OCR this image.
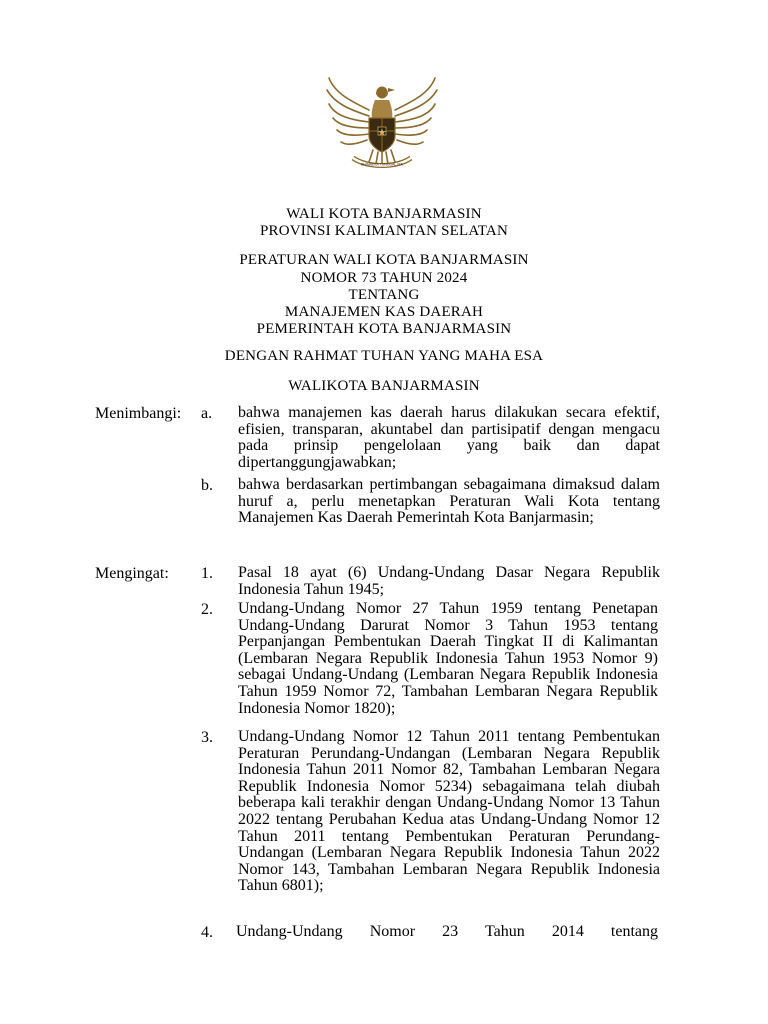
BHINNEKA TUNGGAL IKA
WALI KOTA BANJARMASIN
PROVINSI KALIMANTAN SELATAN
PERATURAN WALI KOTA BANJARMASIN
NOMOR 73 TAHUN 2024
TENTANG
MANAJEMEN KAS DAERAH
PEMERINTAH KOTA BANJARMASIN
DENGAN RAHMAT TUHAN YANG MAHA ESA
WALIKOTA BANJARMASIN
Menimbangi: a. bahwa manajemen kas daerah harus dilakukan secara efektif, efisien, transparan, akuntabel dan partisipatif dengan mengacu pada prinsip pengelolaan yang baik dan dapat dipertanggungjawabkan;
b. bahwa berdasarkan pertimbangan sebagaimana dimaksud dalam huruf a, perlu menetapkan Peraturan Wali Kota tentang Manajemen Kas Daerah Pemerintah Kota Banjarmasin;
Mengingat: 1. Pasal 18 ayat (6) Undang-Undang Dasar Negara Republik Indonesia Tahun 1945;
2. Undang-Undang Nomor 27 Tahun 1959 tentang Penetapan Undang-Undang Darurat Nomor 3 Tahun 1953 tentang Perpanjangan Pembentukan Daerah Tingkat II di Kalimantan (Lembaran Negara Republik Indonesia Tahun 1953 Nomor 9) sebagai Undang-Undang (Lembaran Negara Republik Indonesia Tahun 1959 Nomor 72, Tambahan Lembaran Negara Republik Indonesia Nomor 1820);
3. Undang-Undang Nomor 12 Tahun 2011 tentang Pembentukan Peraturan Perundang-Undangan (Lembaran Negara Republik Indonesia Tahun 2011 Nomor 82, Tambahan Lembaran Negara Republik Indonesia Nomor 5234) sebagaimana telah diubah beberapa kali terakhir dengan Undang-Undang Nomor 13 Tahun 2022 tentang Perubahan Kedua atas Undang-Undang Nomor 12 Tahun 2011 tentang Pembentukan Peraturan Perundang-Undangan (Lembaran Negara Republik Indonesia Tahun 2022 Nomor 143, Tambahan Lembaran Negara Republik Indonesia Tahun 6801);
4. Undang-Undang Nomor 23 Tahun 2014 tentang
